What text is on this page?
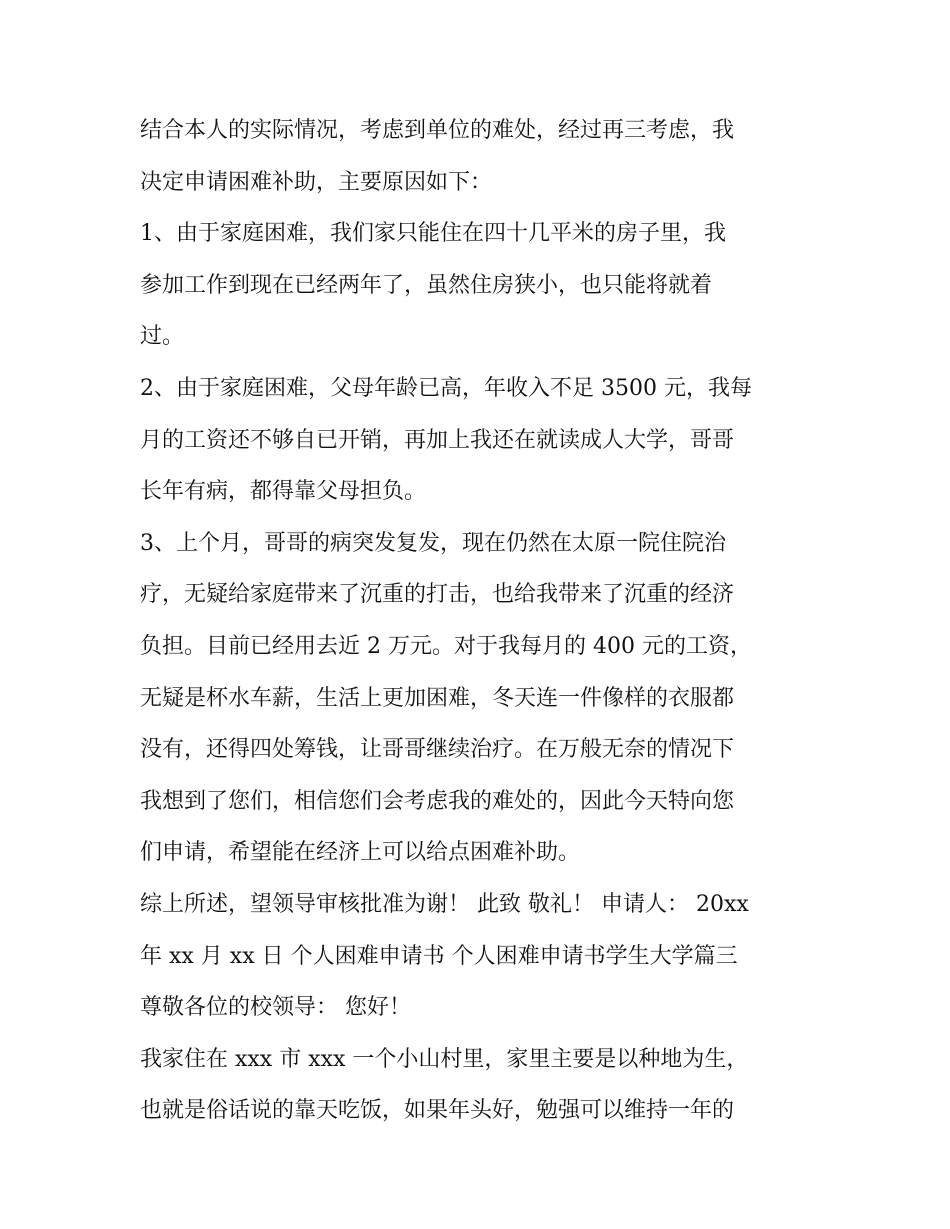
结合本人的实际情况，考虑到单位的难处，经过再三考虑，我
决定申请困难补助，主要原因如下：
1、由于家庭困难，我们家只能住在四十几平米的房子里，我
参加工作到现在已经两年了，虽然住房狭小，也只能将就着
过。
2、由于家庭困难，父母年龄已高，年收入不足 3500 元，我每
月的工资还不够自已开销，再加上我还在就读成人大学，哥哥
长年有病，都得靠父母担负。
3、上个月，哥哥的病突发复发，现在仍然在太原一院住院治
疗，无疑给家庭带来了沉重的打击，也给我带来了沉重的经济
负担。目前已经用去近 2 万元。对于我每月的 400 元的工资，
无疑是杯水车薪，生活上更加困难，冬天连一件像样的衣服都
没有，还得四处筹钱，让哥哥继续治疗。在万般无奈的情况下
我想到了您们，相信您们会考虑我的难处的，因此今天特向您
们申请，希望能在经济上可以给点困难补助。
综上所述，望领导审核批准为谢！ 此致 敬礼！ 申请人： 20xx
年 xx 月 xx 日 个人困难申请书 个人困难申请书学生大学篇三
尊敬各位的校领导： 您好！
我家住在 xxx 市 xxx 一个小山村里，家里主要是以种地为生，
也就是俗话说的靠天吃饭，如果年头好，勉强可以维持一年的
